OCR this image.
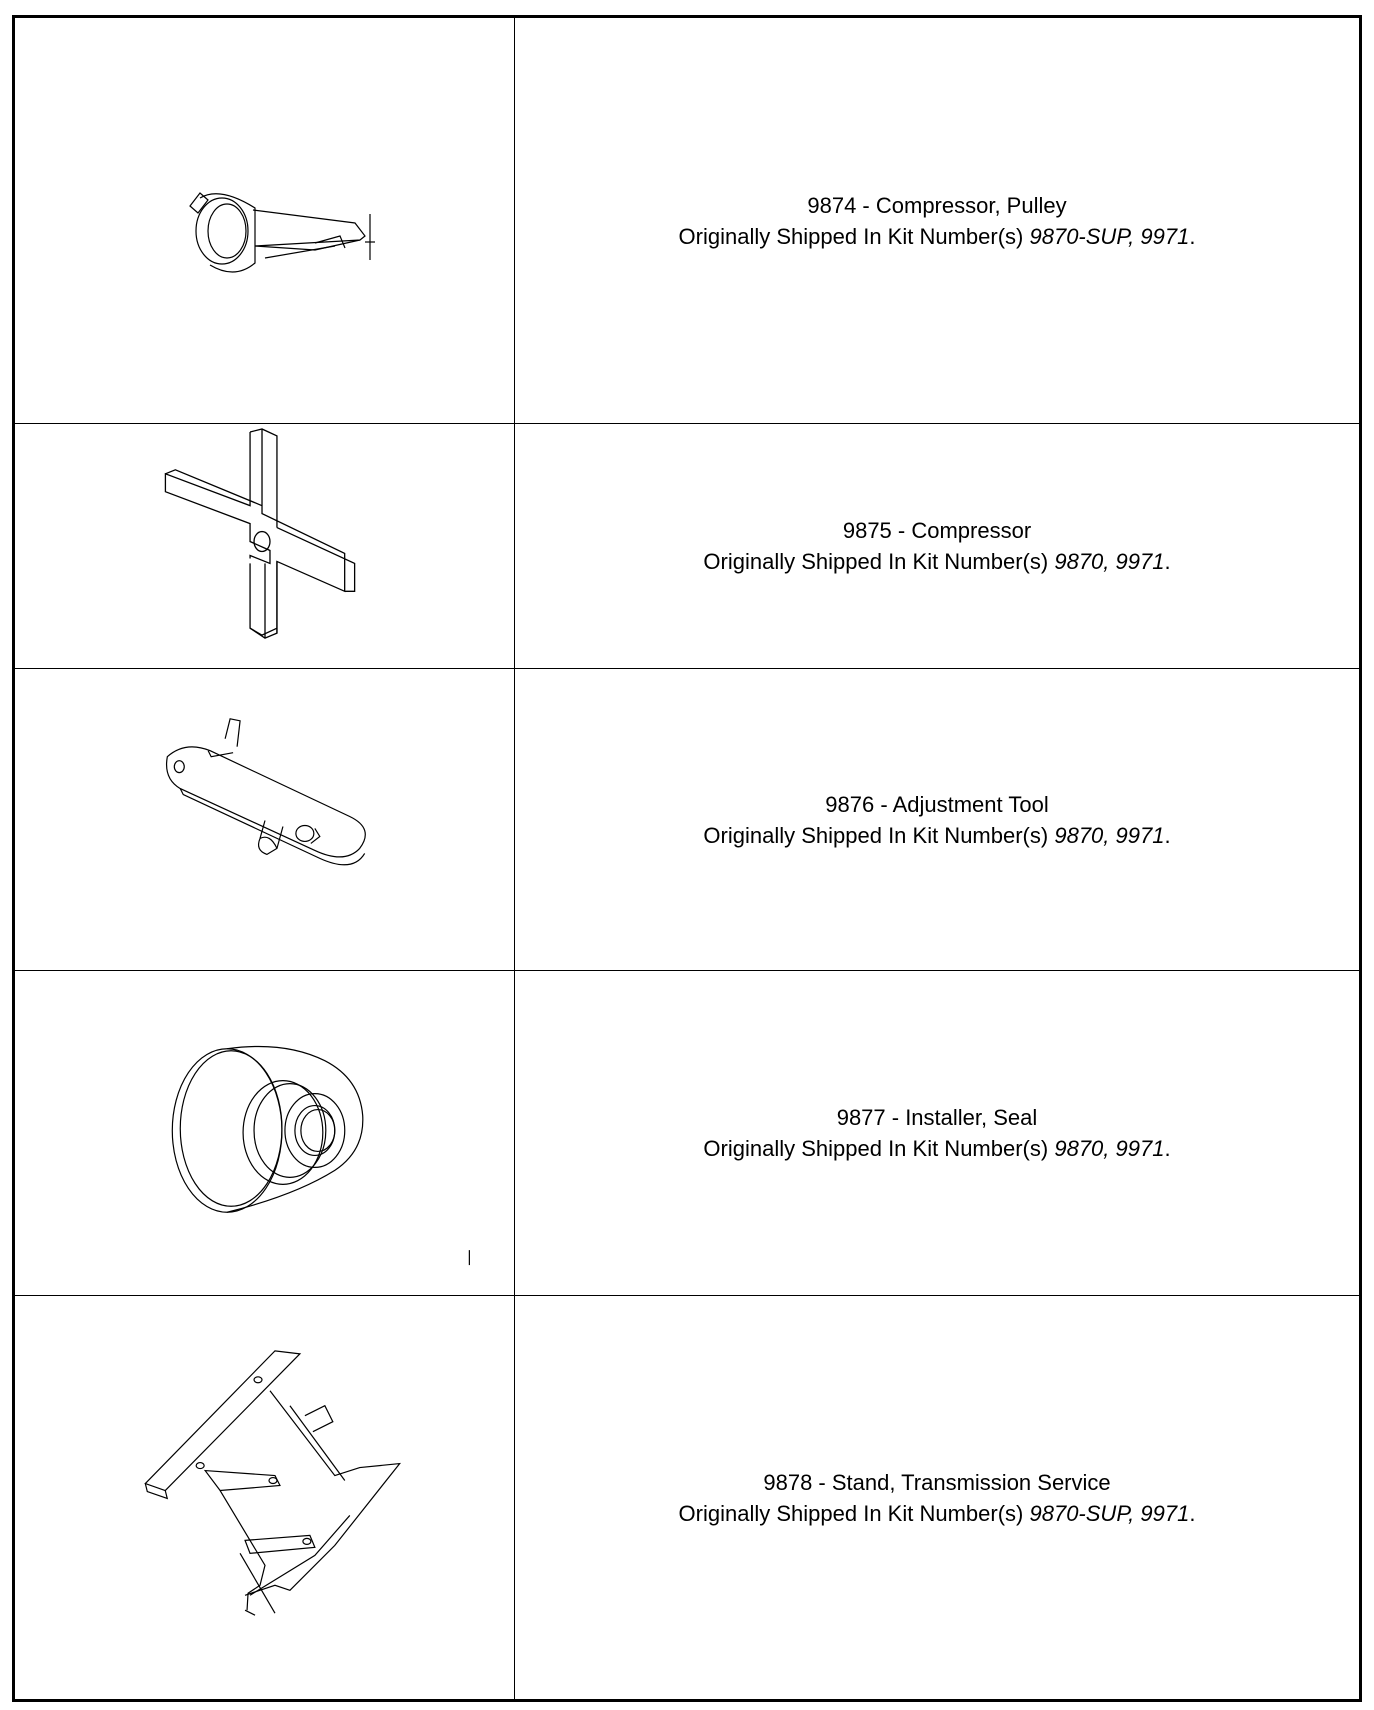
9874 - Compressor, Pulley
Originally Shipped In Kit Number(s) 9870-SUP, 9971.
9875 - Compressor
Originally Shipped In Kit Number(s) 9870, 9971.
9876 - Adjustment Tool
Originally Shipped In Kit Number(s) 9870, 9971.
9877 - Installer, Seal
Originally Shipped In Kit Number(s) 9870, 9971.
9878 - Stand, Transmission Service
Originally Shipped In Kit Number(s) 9870-SUP, 9971.
